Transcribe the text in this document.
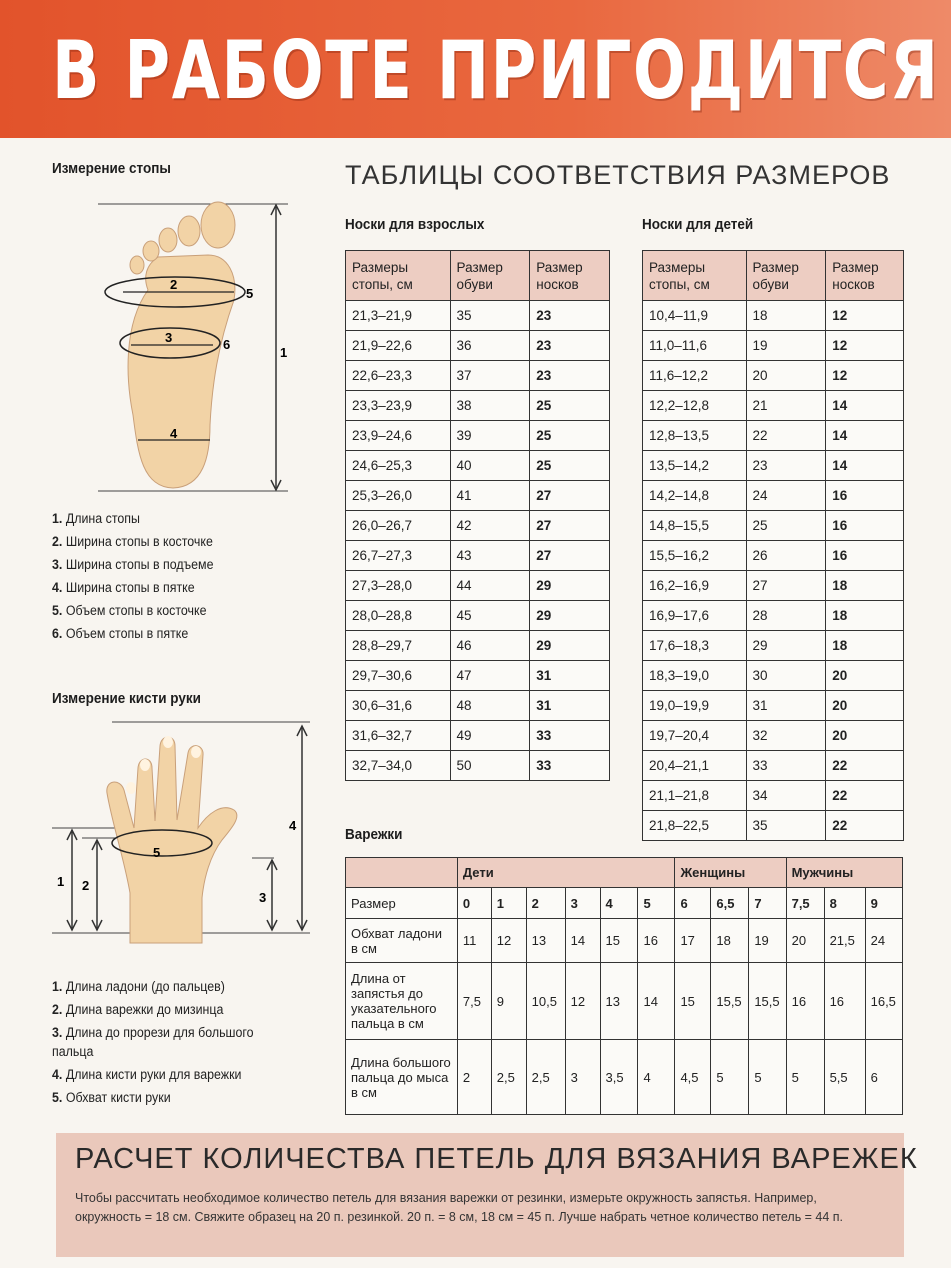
В РАБОТЕ ПРИГОДИТСЯ
Измерение стопы
2
5
3	6
4
1
1. Длина стопы
2. Ширина стопы в косточке
3. Ширина стопы в подъеме
4. Ширина стопы в пятке
5. Объем стопы в косточке
6. Объем стопы в пятке
Измерение кисти руки
1 2
3
4
5
1. Длина ладони (до пальцев)
2. Длина варежки до мизинца
3. Длина до прорези для большого пальца
4. Длина кисти руки для варежки
5. Обхват кисти руки
ТАБЛИЦЫ СООТВЕТСТВИЯ РАЗМЕРОВ
Носки для взрослых
Размеры стопы, см	Размер обуви	Размер носков
21,3–21,9	35	23
21,9–22,6	36	23
22,6–23,3	37	23
23,3–23,9	38	25
23,9–24,6	39	25
24,6–25,3	40	25
25,3–26,0	41	27
26,0–26,7	42	27
26,7–27,3	43	27
27,3–28,0	44	29
28,0–28,8	45	29
28,8–29,7	46	29
29,7–30,6	47	31
30,6–31,6	48	31
31,6–32,7	49	33
32,7–34,0	50	33
Носки для детей
Размеры стопы, см	Размер обуви	Размер носков
10,4–11,9	18	12
11,0–11,6	19	12
11,6–12,2	20	12
12,2–12,8	21	14
12,8–13,5	22	14
13,5–14,2	23	14
14,2–14,8	24	16
14,8–15,5	25	16
15,5–16,2	26	16
16,2–16,9	27	18
16,9–17,6	28	18
17,6–18,3	29	18
18,3–19,0	30	20
19,0–19,9	31	20
19,7–20,4	32	20
20,4–21,1	33	22
21,1–21,8	34	22
21,8–22,5	35	22
Варежки
	Дети						Женщины			Мужчины		
Размер	0	1	2	3	4	5	6	6,5	7	7,5	8	9
Обхват ладони в см	11	12	13	14	15	16	17	18	19	20	21,5	24
Длина от запястья до указательного пальца в см	7,5	9	10,5	12	13	14	15	15,5	15,5	16	16	16,5
Длина большого пальца до мыса в см	2	2,5	2,5	3	3,5	4	4,5	5	5	5	5,5	6
РАСЧЕТ КОЛИЧЕСТВА ПЕТЕЛЬ ДЛЯ ВЯЗАНИЯ ВАРЕЖЕК

Чтобы рассчитать необходимое количество петель для вязания варежки от резинки, измерьте окружность запястья. Например, окружность = 18 см. Свяжите образец на 20 п. резинкой. 20 п. = 8 см, 18 см = 45 п. Лучше набрать четное количество петель = 44 п.
